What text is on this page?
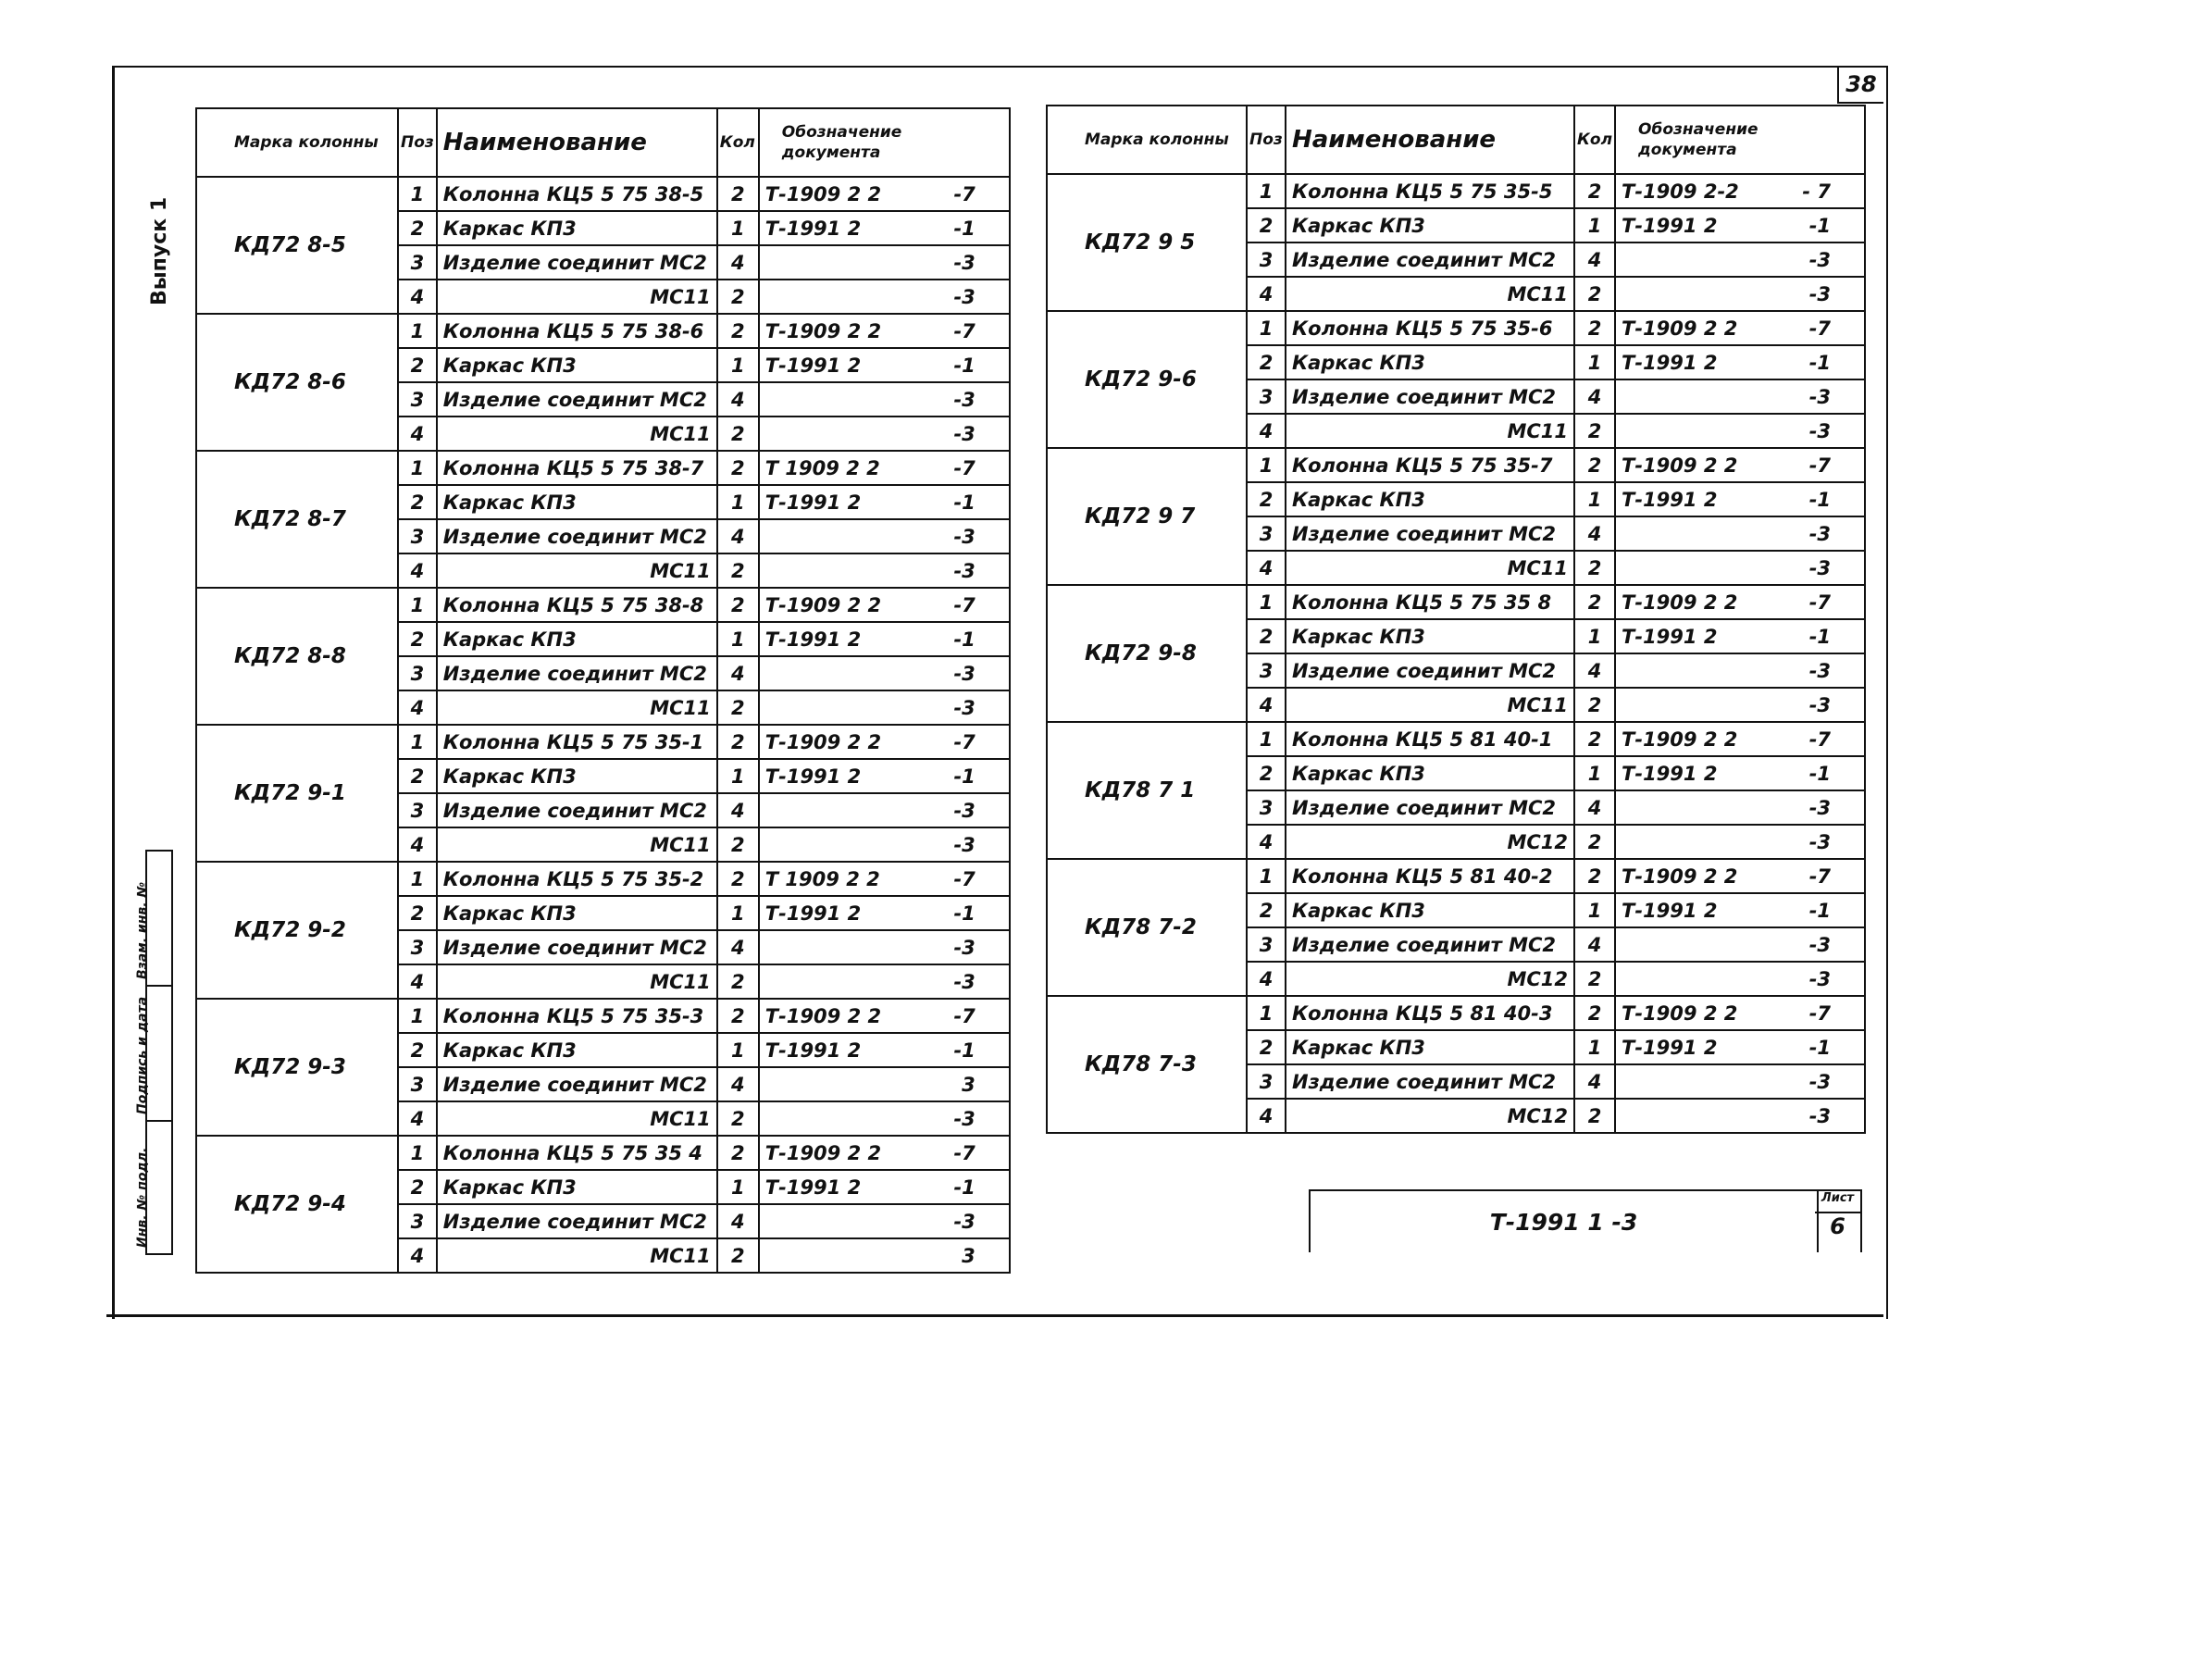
38
Выпуск 1
Взам. инв. №
Подпись и дата
Инв. № подл.
Марка колонны	Поз	Наименование	Кол	Обозначение документа
КД72 8-5	1	Колонна КЦ5 5 75 38-5	2	Т-1909 2 2 -7

	2	Каркас КП3	1	Т-1991 2 -1

	3	Изделие соединит МС2	4	-3

	4	МС11	2	-3

КД72 8-6	1	Колонна КЦ5 5 75 38-6	2	Т-1909 2 2 -7

	2	Каркас КП3	1	Т-1991 2 -1

	3	Изделие соединит МС2	4	-3

	4	МС11	2	-3

КД72 8-7	1	Колонна КЦ5 5 75 38-7	2	Т 1909 2 2 -7

	2	Каркас КП3	1	Т-1991 2 -1

	3	Изделие соединит МС2	4	-3

	4	МС11	2	-3

КД72 8-8	1	Колонна КЦ5 5 75 38-8	2	Т-1909 2 2 -7

	2	Каркас КП3	1	Т-1991 2 -1

	3	Изделие соединит МС2	4	-3

	4	МС11	2	-3

КД72 9-1	1	Колонна КЦ5 5 75 35-1	2	Т-1909 2 2 -7

	2	Каркас КП3	1	Т-1991 2 -1

	3	Изделие соединит МС2	4	-3

	4	МС11	2	-3

КД72 9-2	1	Колонна КЦ5 5 75 35-2	2	Т 1909 2 2 -7

	2	Каркас КП3	1	Т-1991 2 -1

	3	Изделие соединит МС2	4	-3

	4	МС11	2	-3

КД72 9-3	1	Колонна КЦ5 5 75 35-3	2	Т-1909 2 2 -7

	2	Каркас КП3	1	Т-1991 2 -1

	3	Изделие соединит МС2	4	3

	4	МС11	2	-3

КД72 9-4	1	Колонна КЦ5 5 75 35 4	2	Т-1909 2 2 -7

	2	Каркас КП3	1	Т-1991 2 -1

	3	Изделие соединит МС2	4	-3

	4	МС11	2	3
Марка колонны	Поз	Наименование	Кол	Обозначение документа
КД72 9 5	1	Колонна КЦ5 5 75 35-5	2	Т-1909 2-2 - 7

	2	Каркас КП3	1	Т-1991 2 -1

	3	Изделие соединит МС2	4	-3

	4	МС11	2	-3

КД72 9-6	1	Колонна КЦ5 5 75 35-6	2	Т-1909 2 2 -7

	2	Каркас КП3	1	Т-1991 2 -1

	3	Изделие соединит МС2	4	-3

	4	МС11	2	-3

КД72 9 7	1	Колонна КЦ5 5 75 35-7	2	Т-1909 2 2 -7

	2	Каркас КП3	1	Т-1991 2 -1

	3	Изделие соединит МС2	4	-3

	4	МС11	2	-3

КД72 9-8	1	Колонна КЦ5 5 75 35 8	2	Т-1909 2 2 -7

	2	Каркас КП3	1	Т-1991 2 -1

	3	Изделие соединит МС2	4	-3

	4	МС11	2	-3

КД78 7 1	1	Колонна КЦ5 5 81 40-1	2	Т-1909 2 2 -7

	2	Каркас КП3	1	Т-1991 2 -1

	3	Изделие соединит МС2	4	-3

	4	МС12	2	-3

КД78 7-2	1	Колонна КЦ5 5 81 40-2	2	Т-1909 2 2 -7

	2	Каркас КП3	1	Т-1991 2 -1

	3	Изделие соединит МС2	4	-3

	4	МС12	2	-3

КД78 7-3	1	Колонна КЦ5 5 81 40-3	2	Т-1909 2 2 -7

	2	Каркас КП3	1	Т-1991 2 -1

	3	Изделие соединит МС2	4	-3

	4	МС12	2	-3
Т-1991 1 -3
Лист
6
